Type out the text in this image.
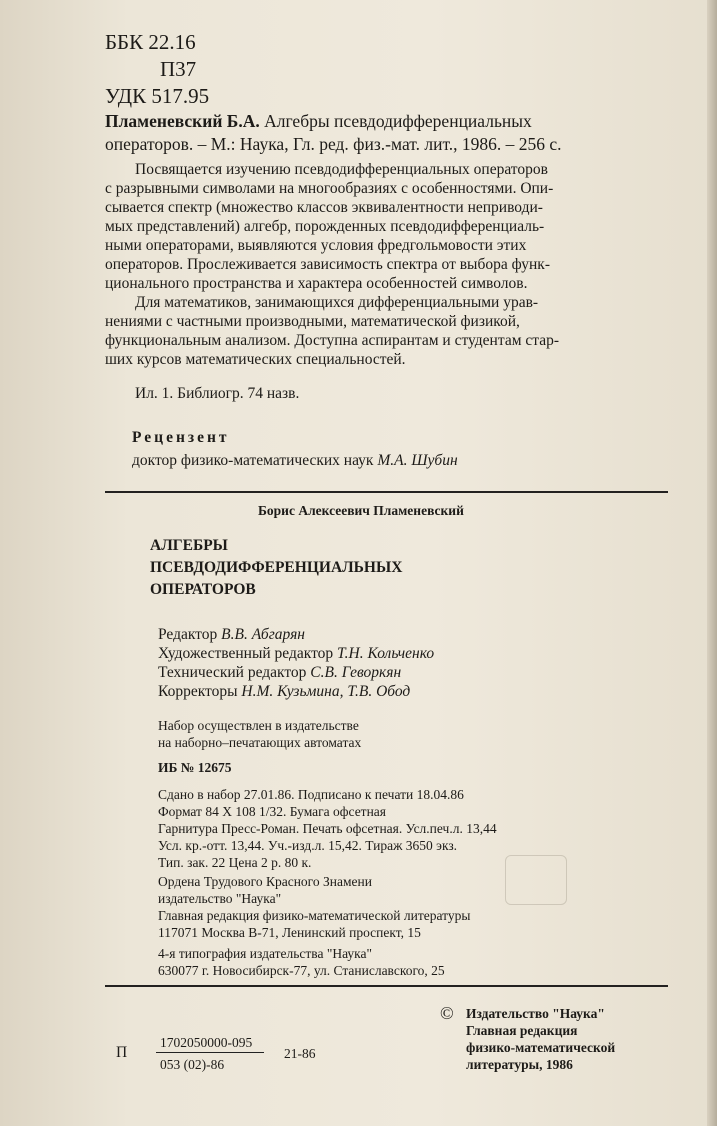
ББК 22.16
П37
УДК 517.95
Пламеневский Б.А. Алгебры псевдодифференциальных
операторов. – М.: Наука, Гл. ред. физ.-мат. лит., 1986. – 256 с.
Посвящается изучению псевдодифференциальных операторов
с разрывными символами на многообразиях с особенностями. Опи-
сывается спектр (множество классов эквивалентности неприводи-
мых представлений) алгебр, порожденных псевдодифференциаль-
ными операторами, выявляются условия фредгольмовости этих
операторов. Прослеживается зависимость спектра от выбора функ-
ционального пространства и характера особенностей символов.
Для математиков, занимающихся дифференциальными урав-
нениями с частными производными, математической физикой,
функциональным анализом. Доступна аспирантам и студентам стар-
ших курсов математических специальностей.
Ил. 1. Библиогр. 74 назв.
Рецензент
доктор физико-математических наук М.А. Шубин
Борис Алексеевич Пламеневский
АЛГЕБРЫ
ПСЕВДОДИФФЕРЕНЦИАЛЬНЫХ
ОПЕРАТОРОВ
Редактор В.В. Абгарян
Художественный редактор Т.Н. Кольченко
Технический редактор С.В. Геворкян
Корректоры Н.М. Кузьмина, Т.В. Обод
Набор осуществлен в издательстве
на наборно–печатающих автоматах
ИБ № 12675
Сдано в набор 27.01.86. Подписано к печати 18.04.86
Формат 84 X 108 1/32. Бумага офсетная
Гарнитура Пресс-Роман. Печать офсетная. Усл.печ.л. 13,44
Усл. кр.-отт. 13,44. Уч.-изд.л. 15,42. Тираж 3650 экз.
Тип. зак. 22 Цена 2 р. 80 к.
Ордена Трудового Красного Знамени
издательство "Наука"
Главная редакция физико-математической литературы
117071 Москва В-71, Ленинский проспект, 15
4-я типография издательства "Наука"
630077 г. Новосибирск-77, ул. Станиславского, 25
П
1702050000-095
053 (02)-86
21-86
© Издательство "Наука"
Главная редакция
физико-математической
литературы, 1986
